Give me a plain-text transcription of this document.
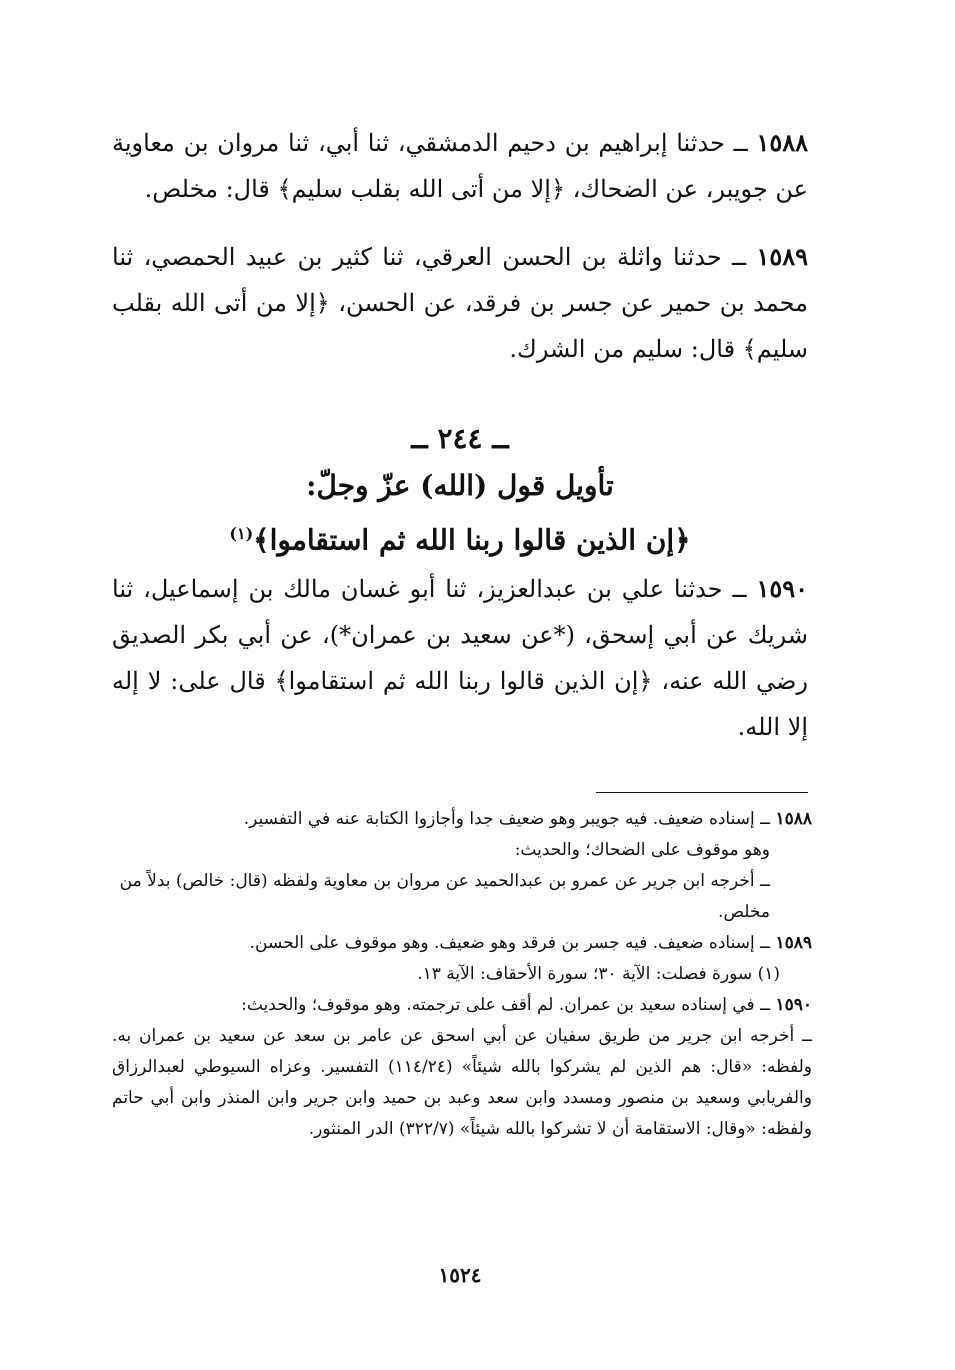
١٥٨٨ ــ حدثنا إبراهيم بن دحيم الدمشقي، ثنا أبي، ثنا مروان بن معاوية عن جويبر، عن الضحاك، ﴿إلا من أتى الله بقلب سليم﴾ قال: مخلص.

١٥٨٩ ــ حدثنا واثلة بن الحسن العرقي، ثنا كثير بن عبيد الحمصي، ثنا محمد بن حمير عن جسر بن فرقد، عن الحسن، ﴿إلا من أتى الله بقلب سليم﴾ قال: سليم من الشرك.

ــ ٢٤٤ ــ
تأويل قول (الله) عزّ وجلّ:
﴿إن الذين قالوا ربنا الله ثم استقاموا﴾$^{(١)}$

١٥٩٠ ــ حدثنا علي بن عبدالعزيز، ثنا أبو غسان مالك بن إسماعيل، ثنا شريك عن أبي إسحق، (*عن سعيد بن عمران*)، عن أبي بكر الصديق رضي الله عنه، ﴿إن الذين قالوا ربنا الله ثم استقاموا﴾ قال على: لا إله إلا الله.

١٥٨٨ ــ إسناده ضعيف. فيه جويبر وهو ضعيف جدا وأجازوا الكتابة عنه في التفسير.

وهو موقوف على الضحاك؛ والحديث:

ــ أخرجه ابن جرير عن عمرو بن عبدالحميد عن مروان بن معاوية ولفظه (قال: خالص) بدلاً من مخلص.

١٥٨٩ ــ إسناده ضعيف. فيه جسر بن فرقد وهو ضعيف. وهو موقوف على الحسن.

(١) سورة فصلت: الآية ٣٠؛ سورة الأحقاف: الآية ١٣.

١٥٩٠ ــ في إسناده سعيد بن عمران. لم أقف على ترجمته. وهو موقوف؛ والحديث:

ــ أخرجه ابن جرير من طريق سفيان عن أبي اسحق عن عامر بن سعد عن سعيد بن عمران به. ولفظه: «قال: هم الذين لم يشركوا بالله شيئاً» (١١٤/٢٤) التفسير. وعزاه السيوطي لعبدالرزاق والفريابي وسعيد بن منصور ومسدد وابن سعد وعبد بن حميد وابن جرير وابن المنذر وابن أبي حاتم ولفظه: «وقال: الاستقامة أن لا تشركوا بالله شيئاً» (٣٢٢/٧) الدر المنثور.

١٥٢٤
